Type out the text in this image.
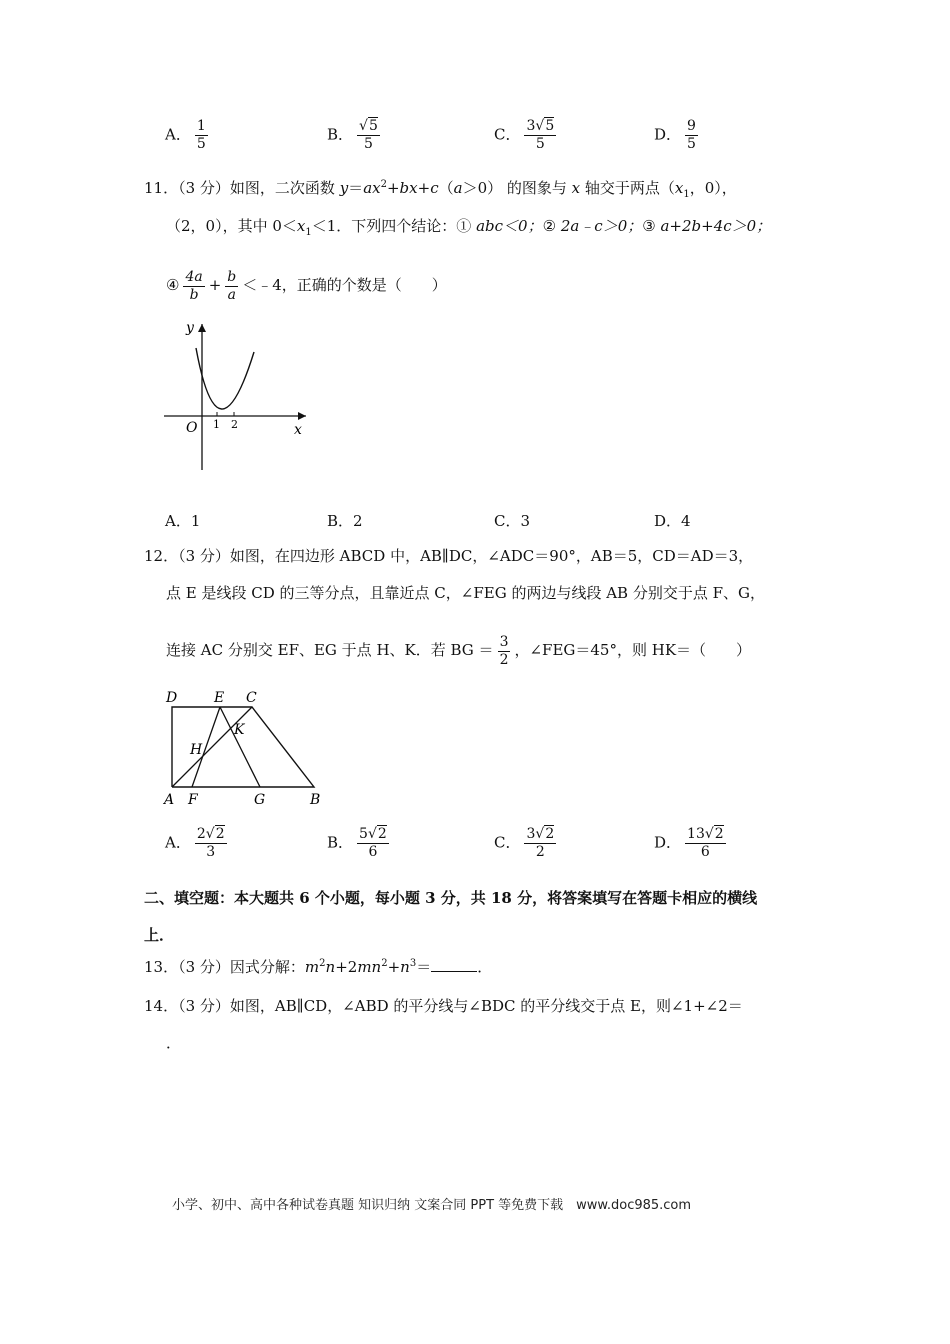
A． $\frac{1}{5}$	B． $\frac{√5}{5}$	C． $\frac{3√5}{5}$	D． $\frac{9}{5}$
11．（3 分）如图，二次函数 $y=ax^2+bx+c(a>0)$ 的图象与 x 轴交于两点（$x_1$，0），
（2，0），其中 $0<x_1<1$．下列四个结论：① abc＜0；② 2a﹣c＞0；③ a+2b+4c＞0；
④ $\frac{4a}{b} + \frac{b}{a}$ ＜﹣4，正确的个数是（　　）
y
x
O 1 2
A．1	B．2	C．3	D．4
12．（3 分）如图，在四边形 ABCD 中，AB∥DC，∠ADC＝90°，AB＝5，CD＝AD＝3，
点 E 是线段 CD 的三等分点，且靠近点 C，∠FEG 的两边与线段 AB 分别交于点 F、G，
连接 AC 分别交 EF、EG 于点 H、K．若 BG ＝ $\frac{3}{2}$ ，∠FEG＝45°，则 HK＝（　　）
D	E C
H
K
A F	G	B
A． $\frac{2√2}{3}$	B． $\frac{5√2}{6}$	C． $\frac{3√2}{2}$	D． $\frac{13√2}{6}$
二、填空题：本大题共 6 个小题，每小题 3 分，共 18 分，将答案填写在答题卡相应的横线
上．
13．（3 分）因式分解：$m^2n+2mn^2+n^3=$	．
14．（3 分）如图，AB∥CD，∠ABD 的平分线与∠BDC 的平分线交于点 E，则∠1+∠2＝
．
小学、初中、高中各种试卷真题 知识归纳 文案合同 PPT 等免费下载　www.doc985.com
